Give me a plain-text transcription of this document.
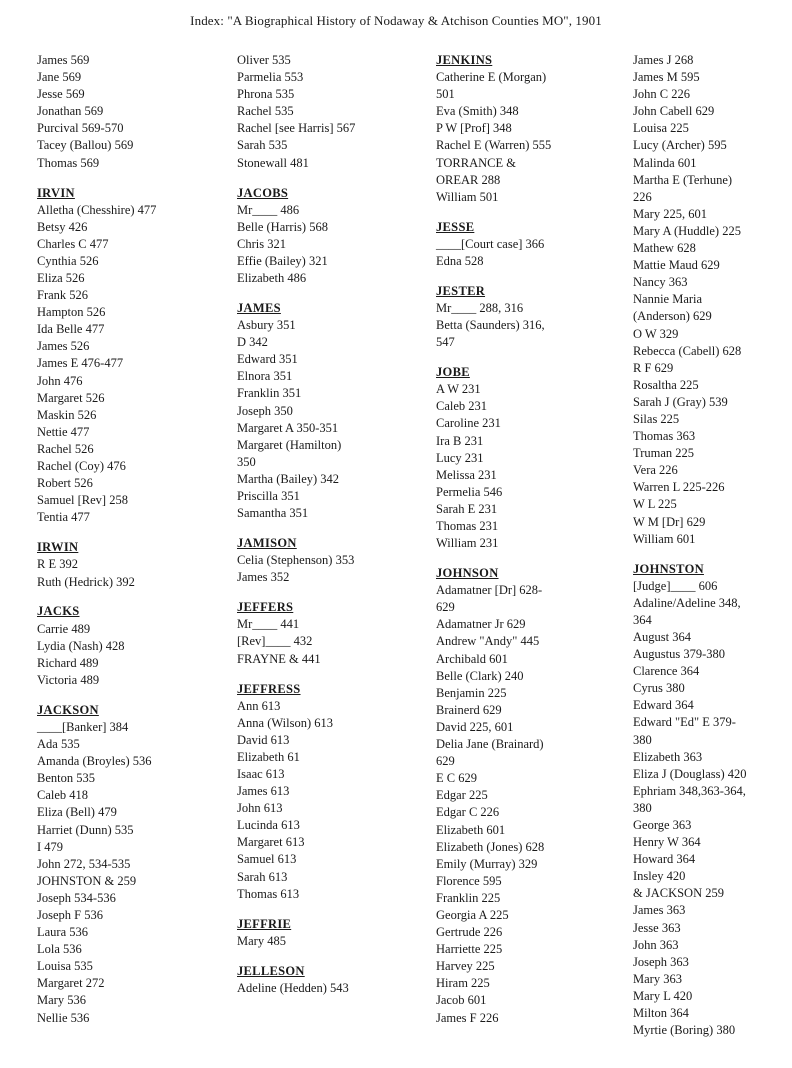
Index: "A Biographical History of Nodaway & Atchison Counties MO", 1901
James 569
Jane 569
Jesse 569
Jonathan 569
Purcival 569-570
Tacey (Ballou) 569
Thomas 569
IRVIN
Alletha (Chesshire) 477
Betsy 426
Charles C 477
Cynthia 526
Eliza 526
Frank 526
Hampton 526
Ida Belle 477
James 526
James E 476-477
John 476
Margaret 526
Maskin 526
Nettie 477
Rachel 526
Rachel (Coy) 476
Robert 526
Samuel [Rev] 258
Tentia 477
IRWIN
R E 392
Ruth (Hedrick) 392
JACKS
Carrie 489
Lydia (Nash) 428
Richard 489
Victoria 489
JACKSON
____[Banker] 384
Ada 535
Amanda (Broyles) 536
Benton 535
Caleb 418
Eliza (Bell) 479
Harriet (Dunn) 535
I 479
John 272, 534-535
JOHNSTON & 259
Joseph 534-536
Joseph F 536
Laura 536
Lola 536
Louisa 535
Margaret 272
Mary 536
Nellie 536
Oliver 535
Parmelia 553
Phrona 535
Rachel 535
Rachel [see Harris] 567
Sarah 535
Stonewall 481
JACOBS
Mr____ 486
Belle (Harris) 568
Chris 321
Effie (Bailey) 321
Elizabeth 486
JAMES
Asbury 351
D 342
Edward 351
Elnora 351
Franklin 351
Joseph 350
Margaret A 350-351
Margaret (Hamilton)
350
Martha (Bailey) 342
Priscilla 351
Samantha 351
JAMISON
Celia (Stephenson) 353
James 352
JEFFERS
Mr____ 441
[Rev]____ 432
FRAYNE & 441
JEFFRESS
Ann 613
Anna (Wilson) 613
David 613
Elizabeth 61
Isaac 613
James 613
John 613
Lucinda 613
Margaret 613
Samuel 613
Sarah 613
Thomas 613
JEFFRIE
Mary 485
JELLESON
Adeline (Hedden) 543
JENKINS
Catherine E (Morgan)
501
Eva (Smith) 348
P W [Prof] 348
Rachel E (Warren) 555
TORRANCE &
OREAR 288
William 501
JESSE
____[Court case] 366
Edna 528
JESTER
Mr____ 288, 316
Betta (Saunders) 316,
547
JOBE
A W 231
Caleb 231
Caroline 231
Ira B 231
Lucy 231
Melissa 231
Permelia 546
Sarah E 231
Thomas 231
William 231
JOHNSON
Adamatner [Dr] 628-
629
Adamatner Jr 629
Andrew "Andy" 445
Archibald 601
Belle (Clark) 240
Benjamin 225
Brainerd 629
David 225, 601
Delia Jane (Brainard)
629
E C 629
Edgar 225
Edgar C 226
Elizabeth 601
Elizabeth (Jones) 628
Emily (Murray) 329
Florence 595
Franklin 225
Georgia A 225
Gertrude 226
Harriette 225
Harvey 225
Hiram 225
Jacob 601
James F 226
James J 268
James M 595
John C 226
John Cabell 629
Louisa 225
Lucy (Archer) 595
Malinda 601
Martha E (Terhune)
226
Mary 225, 601
Mary A (Huddle) 225
Mathew 628
Mattie Maud 629
Nancy 363
Nannie Maria
(Anderson) 629
O W 329
Rebecca (Cabell) 628
R F 629
Rosaltha 225
Sarah J (Gray) 539
Silas 225
Thomas 363
Truman 225
Vera 226
Warren L 225-226
W L 225
W M [Dr] 629
William 601
JOHNSTON
[Judge]____ 606
Adaline/Adeline 348,
364
August 364
Augustus 379-380
Clarence 364
Cyrus 380
Edward 364
Edward "Ed" E 379-
380
Elizabeth 363
Eliza J (Douglass) 420
Ephriam 348,363-364,
380
George 363
Henry W 364
Howard 364
Insley 420
& JACKSON 259
James 363
Jesse 363
John 363
Joseph 363
Mary 363
Mary L 420
Milton 364
Myrtie (Boring) 380
